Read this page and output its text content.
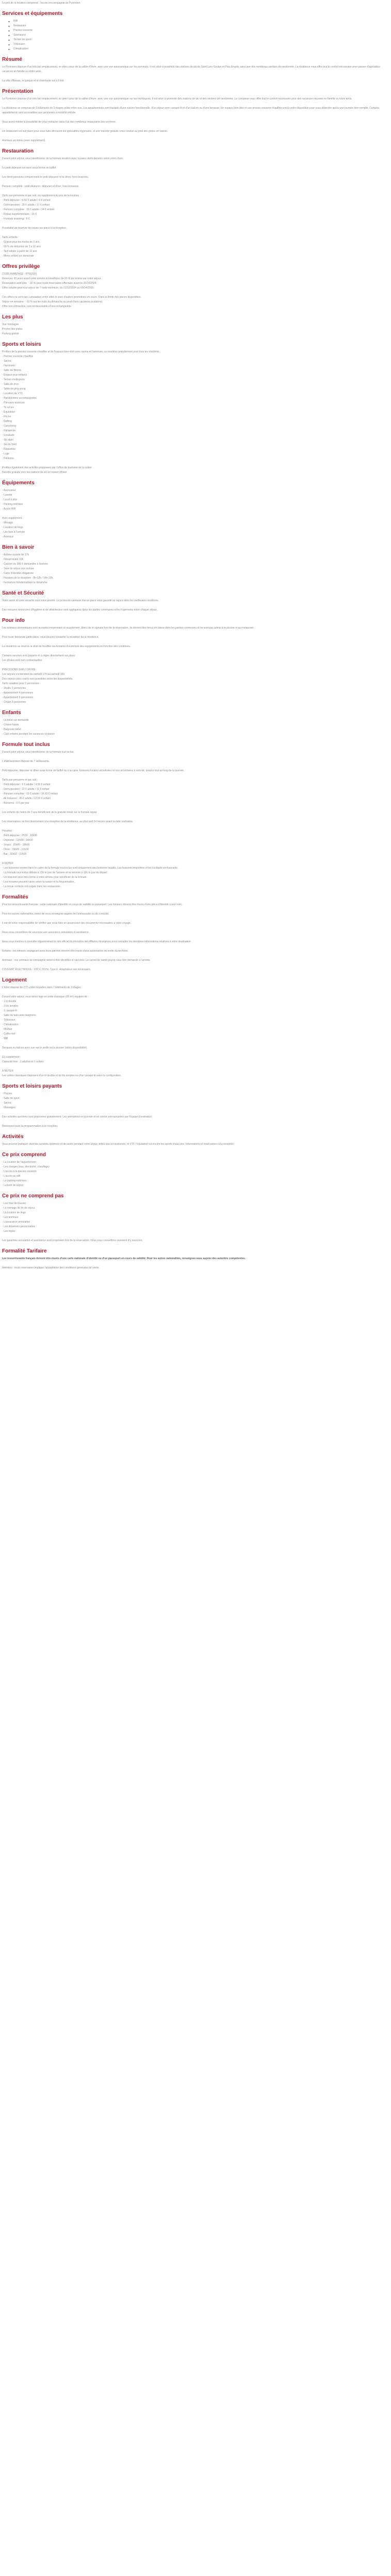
Le prix de la location comprend : l'accès en compagnie au Pyrénéen.

Services et équipements
Wifi
Restaurant
Piscine couverte
Spa/sauna
Terrain de sport
Télévision
Climatisation
Résumé

Le Pyrénéen dispose d'un très bel emplacement, en plein cœur de la vallée d'Aure, avec une vue panoramique sur les sommets. Il est situé à proximité des stations de ski de Saint-Lary-Soulan et Piau-Engaly, ainsi que des nombreux sentiers de randonnée. La résidence vous offre tout le confort nécessaire pour passer d'agréables vacances en famille ou entre amis.

La ville d'Arreau, si typique et si charmante est à 6 km.

Présentation

Le Pyrénéen dispose d'un très bel emplacement, en plein cœur de la vallée d'Aure, avec une vue panoramique sur les montagnes. Il est situé à proximité des stations de ski et des sentiers de randonnée. Le complexe vous offre tout le confort nécessaire pour des vacances réussies en famille ou entre amis.

La résidence se compose de 3 bâtiments de 3 étages reliés entre eux. Les appartements sont équipés d'une cuisine fonctionnelle, d'un séjour avec canapé-lit et d'un balcon ou d'une terrasse. Un espace bien-être et une piscine couverte chauffée sont à votre disposition pour vous détendre après une journée bien remplie. Certains appartements sont accessibles aux personnes à mobilité réduite.

Vous aurez même la possibilité de vous restaurer dans l'un des nombreux restaurants des environs.

Un restaurant est sur place pour vous faire découvrir les spécialités régionales, et une navette gratuite vous conduit au pied des pistes en saison.

Animaux acceptés (avec supplément).

Restauration

Durant votre séjour, vous bénéficierez de la formule location avec ou sans demi-pension selon votre choix.

Le petit-déjeuner est servi sous forme de buffet.

Les demi-pensions comprennent le petit-déjeuner et le dîner, hors boissons.

Pension complète : petit-déjeuner, déjeuner et dîner, hors boissons.

Tarifs par personne et par nuit, en supplément du prix de la location :

- Petit-déjeuner : 9,50 € adulte / 6 € enfant
- Demi-pension : 28 € adulte / 17 € enfant
- Pension complète : 39 € adulte / 24 € enfant
- Repas supplémentaire : 15 €
- Formule snacking : 8 €

Possibilité de réserver les repas sur place à la réception.

Tarifs enfants :

- Gratuit pour les moins de 3 ans
- 50 % de réduction de 3 à 11 ans
- Tarif adulte à partir de 12 ans
- Menu enfant sur demande
Offres privilège

CODE AVANTAGE : PYR2025

Réservez 30 jours avant votre arrivée et bénéficiez de 10 % de remise sur votre séjour.

Réservation anticipée : -15 % pour toute réservation effectuée avant le 15/10/2024.

Offre valable pour tout séjour de 7 nuits minimum, du 21/12/2024 au 05/04/2025.

Ces offres ne sont pas cumulables entre elles ni avec d'autres promotions en cours. Dans la limite des places disponibles.

Séjour en semaine : -10 % sur les nuits du dimanche au jeudi (hors vacances scolaires).

Offre non rétroactive, non remboursable et non échangeable.

Les plus
Vue montagne
Proche des pistes
Parking gratuit
Sports et loisirs

Profitez de la piscine couverte chauffée et de l'espace bien-être avec sauna et hammam, accessibles gratuitement pour tous les résidents.

- Piscine couverte chauffée
- Sauna
- Hammam
- Salle de fitness
- Espace jeux enfants
- Terrain multisports
- Salle de jeux
- Table de ping-pong
- Location de VTT
- Randonnées accompagnées
- Parcours aventure
- Tir à l'arc
- Équitation
- Pêche
- Rafting
- Canyoning
- Parapente
- Escalade
- Ski alpin
- Ski de fond
- Raquettes
- Luge
- Patinoire

Profitez également des activités proposées par l'office de tourisme de la vallée.

Navette gratuite vers les stations de ski en saison d'hiver.

Équipements
- Ascenseur
- Laverie
- Local à skis
- Parking extérieur
- Accès Wifi

Avec supplément :

- Ménage
- Location de linge
- Lits faits à l'arrivée
- Animaux
Bien à savoir
- Arrivée à partir de 17h
- Départ avant 10h
- Caution de 300 € demandée à l'arrivée
- Taxe de séjour non incluse
- Carte d'identité obligatoire
- Horaires de la réception : 8h-12h / 14h-19h
- Fermeture hebdomadaire le dimanche
Santé et Sécurité

Votre santé et votre sécurité sont notre priorité. Le protocole sanitaire mis en place vous garantit un séjour dans les meilleures conditions.

Des mesures renforcées d'hygiène et de désinfection sont appliquées dans les parties communes et les logements entre chaque séjour.

Pour info

Les animaux domestiques sont acceptés moyennant un supplément. Merci de le signaler lors de la réservation. Ils doivent être tenus en laisse dans les parties communes et ne sont pas admis à la piscine ni au restaurant.

Pour toute demande particulière, vous pouvez contacter la réception de la résidence.

La résidence se réserve le droit de modifier les horaires d'ouverture des équipements en fonction des conditions.

Certains services sont payants et à régler directement sur place.

Les photos sont non contractuelles.

PRÉCISIONS SUR L'OFFRE

Les séjours s'entendent du samedi 17h au samedi 10h.

Des séjours plus courts sont possibles selon les disponibilités.

Tarifs valables pour 2 personnes :

- Studio 2 personnes
- Appartement 4 personnes
- Appartement 6 personnes
- Chalet 8 personnes
Enfants
- Lit bébé sur demande
- Chaise haute
- Baignoire bébé
- Club enfants pendant les vacances scolaires
Formule tout inclus

Durant votre séjour, vous bénéficierez de la formule tout inclus.

L'établissement dispose de 7 restaurants.

Petit-déjeuner, déjeuner et dîner sous forme de buffet ou à la carte, boissons locales alcoolisées et non alcoolisées à volonté, snacks tout au long de la journée.

Tarifs par personne et par nuit :

- Petit-déjeuner : 9 € adulte / 4,50 € enfant
- Demi-pension : 22 € adulte / 11 € enfant
- Pension complète : 33 € adulte / 16,50 € enfant
- All inclusive : 45 € adulte / 22,50 € enfant
- Boissons : 6 € par jour

Les enfants de moins de 3 ans bénéficient de la gratuité totale sur la formule repas.

Les réservations se font directement à la réception de la résidence, au plus tard 24 heures avant la date souhaitée.

Horaires :

- Petit-déjeuner : 7h30 - 10h00
- Déjeuner : 12h00 - 14h00
- Snack : 15h00 - 18h00
- Dîner : 19h00 - 21h30
- Bar : 10h00 - 23h00

A NOTER

- Les boissons servies dans le cadre de la formule tout inclus sont uniquement des boissons locales. Les boissons importées et les cocktails sont payants.
- La formule tout inclus débute à 12h le jour de l'arrivée et se termine à 12h le jour du départ.
- Un bracelet vous sera remis à votre arrivée pour bénéficier de la formule.
- Les horaires peuvent varier selon la saison et la fréquentation.
- La tenue correcte est exigée dans les restaurants.
Formalités

Pour les ressortissants français : carte nationale d'identité en cours de validité ou passeport. Les mineurs doivent être munis d'une pièce d'identité à leur nom.

Pour les autres nationalités, merci de vous renseigner auprès de l'ambassade ou du consulat.

Il est de votre responsabilité de vérifier que vous êtes en possession des documents nécessaires à votre voyage.

Nous vous conseillons de souscrire une assurance annulation et assistance.

Nous vous invitons à consulter régulièrement le site officiel du ministère des Affaires étrangères pour connaître les dernières informations relatives à votre destination.

Enfants : les mineurs voyageant sans leurs parents doivent être munis d'une autorisation de sortie du territoire.

Animaux : vos animaux de compagnie doivent être identifiés et vaccinés. Le carnet de santé pourra vous être demandé à l'arrivée.

COUVERT ÉLECTRIQUE : 220 V, 50 Hz. Type E. Adaptateur non nécessaire.

Logement

L'hôtel dispose de 272 unités réparties dans 7 bâtiments de 3 étages.

Durant votre séjour, vous serez logé en unité classique (26 m²) équipée de :

- 1 lit double
- 2 lits simples
- 1 canapé-lit
- Salle de bain avec baignoire
- Télévision
- Climatisation
- Minibar
- Coffre-fort
- Wifi

Terrasse ou balcon avec vue sur le jardin ou la piscine (selon disponibilité).

En supplément :

Capacité max : 3 adultes et 1 enfant.

A NOTER

Les unités classiques disposent d'un lit double et de lits simples ou d'un canapé-lit selon la configuration.

Sports et loisirs payants
- Piscine
- Salle de sport
- Sauna
- Massages

Des activités sportives sont proposées gratuitement. Les animations en journée et en soirée sont assurées par l'équipe d'animation.

Retrouvez toute la programmation à la réception.

Activités

Vous pourrez pratiquer diverses activités sportives et de loisirs pendant votre séjour, telles que la randonnée, le VTT, l'équitation ou encore les sports d'eau vive. Informations et réservations à la réception.

Ce prix comprend
- La location de l'appartement
- Les charges (eau, électricité, chauffage)
- L'accès à la piscine couverte
- L'accès au wifi
- Le parking extérieur
- La taxe de séjour
Ce prix ne comprend pas
- Les frais de dossier
- Le ménage de fin de séjour
- La location de linge
- Les animaux
- L'assurance annulation
- Les dépenses personnelles
- Les repas

Les garanties annulation et assistance sont proposées lors de la réservation. Nous vous conseillons vivement d'y souscrire.

Formalité Tarifaire

Les ressortissants français doivent être munis d'une carte nationale d'identité ou d'un passeport en cours de validité. Pour les autres nationalités, renseignez-vous auprès des autorités compétentes.

Attention : toute réservation implique l'acceptation des conditions générales de vente.
